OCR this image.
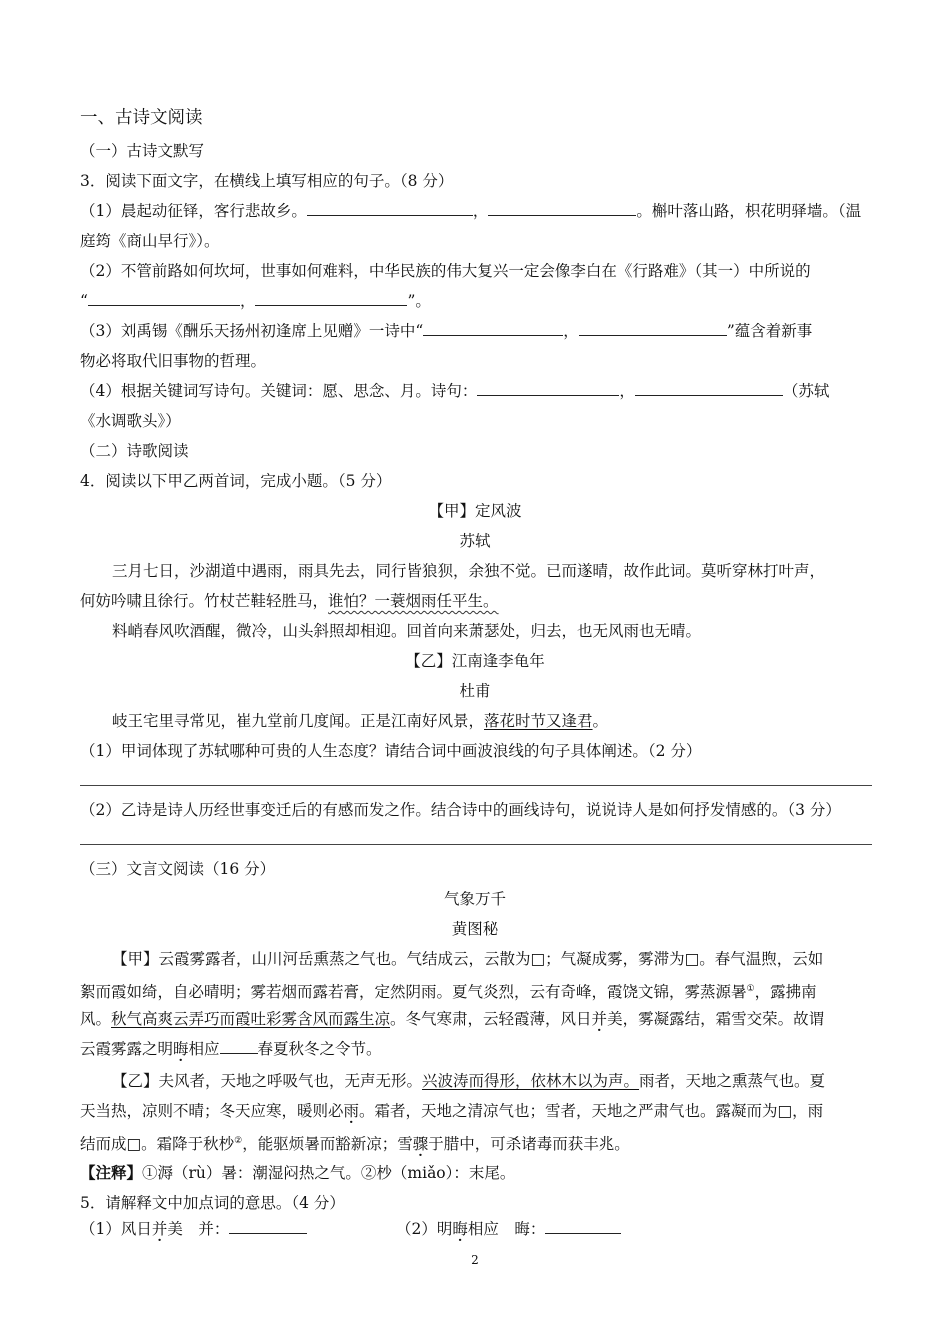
一、古诗文阅读
（一）古诗文默写
3．阅读下面文字，在横线上填写相应的句子。（8 分）
（1）晨起动征铎，客行悲故乡。	，	。槲叶落山路，枳花明驿墙。（温
庭筠《商山早行》）。
（2）不管前路如何坎坷，世事如何难料，中华民族的伟大复兴一定会像李白在《行路难》（其一）中所说的
“	，	”。
（3）刘禹锡《酬乐天扬州初逢席上见赠》一诗中“	，	”蕴含着新事
物必将取代旧事物的哲理。
（4）根据关键词写诗句。关键词：愿、思念、月。诗句：	，	（苏轼
《水调歌头》）
（二）诗歌阅读
4．阅读以下甲乙两首词，完成小题。（5 分）
【甲】定风波
苏轼
三月七日，沙湖道中遇雨，雨具先去，同行皆狼狈，余独不觉。已而遂晴，故作此词。莫听穿林打叶声，
何妨吟啸且徐行。竹杖芒鞋轻胜马，谁怕？一蓑烟雨任平生。
料峭春风吹酒醒，微冷，山头斜照却相迎。回首向来萧瑟处，归去，也无风雨也无晴。
【乙】江南逢李龟年
杜甫
岐王宅里寻常见，崔九堂前几度闻。正是江南好风景，落花时节又逢君。
（1）甲词体现了苏轼哪种可贵的人生态度？请结合词中画波浪线的句子具体阐述。（2 分）
（2）乙诗是诗人历经世事变迁后的有感而发之作。结合诗中的画线诗句，说说诗人是如何抒发情感的。（3 分）
（三）文言文阅读（16 分）
气象万千
黄图秘
【甲】云霞雾露者，山川河岳熏蒸之气也。气结成云，云散为□；气凝成雾，雾滞为□。春气温煦，云如
絮而霞如绮，自必晴明；雾若烟而露若膏，定然阴雨。夏气炎烈，云有奇峰，霞饶文锦，雾蒸源暑①，露拂南
风。秋气高爽云弄巧而霞吐彩雾含风而露生凉。冬气寒肃，云轻霞薄，风日并美，雾凝露结，霜雪交荣。故谓
云霞雾露之明晦相应 春夏秋冬之令节。
【乙】夫风者，天地之呼吸气也，无声无形。兴波涛而得形，依林木以为声。雨者，天地之熏蒸气也。夏
天当热，凉则不晴；冬天应寒，暖则必雨。霜者，天地之清凉气也；雪者，天地之严肃气也。露凝而为□，雨
结而成□。霜降于秋杪②，能驱烦暑而豁新凉；雪骤于腊中，可杀诸毒而获丰兆。
【注释】①溽（rù）暑：潮湿闷热之气。②杪（miǎo）：末尾。
5．请解释文中加点词的意思。（4 分）
（1）风日并美　并：	（2）明晦相应　晦：
2
